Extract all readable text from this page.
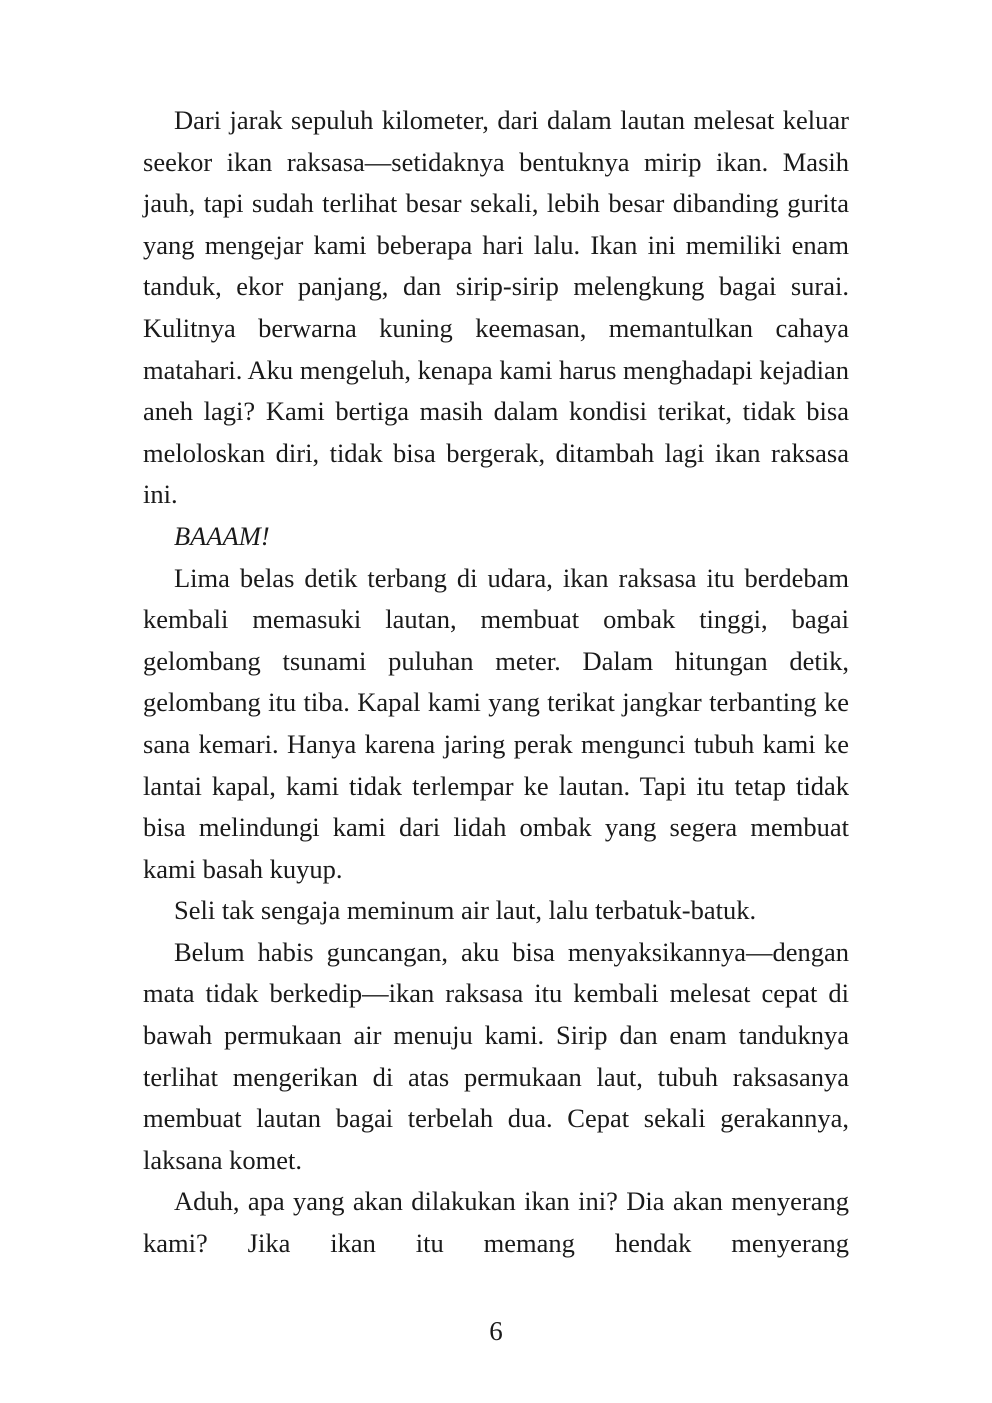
Dari jarak sepuluh kilometer, dari dalam lautan melesat keluar seekor ikan raksasa—setidaknya bentuknya mirip ikan. Masih jauh, tapi sudah terlihat besar sekali, lebih besar dibanding gurita yang mengejar kami beberapa hari lalu. Ikan ini memiliki enam tanduk, ekor panjang, dan sirip-sirip melengkung bagai surai. Kulitnya berwarna kuning keemasan, memantulkan cahaya matahari. Aku mengeluh, kenapa kami harus menghadapi kejadian aneh lagi? Kami bertiga masih dalam kondisi terikat, tidak bisa meloloskan diri, tidak bisa bergerak, ditambah lagi ikan raksasa ini.

BAAAM!

Lima belas detik terbang di udara, ikan raksasa itu berdebam kembali memasuki lautan, membuat ombak tinggi, bagai gelombang tsunami puluhan meter. Dalam hitungan detik, gelombang itu tiba. Kapal kami yang terikat jangkar terbanting ke sana kemari. Hanya karena jaring perak mengunci tubuh kami ke lantai kapal, kami tidak terlempar ke lautan. Tapi itu tetap tidak bisa melindungi kami dari lidah ombak yang segera membuat kami basah kuyup.

Seli tak sengaja meminum air laut, lalu terbatuk-batuk.

Belum habis guncangan, aku bisa menyaksikannya—dengan mata tidak berkedip—ikan raksasa itu kembali melesat cepat di bawah permukaan air menuju kami. Sirip dan enam tanduknya terlihat mengerikan di atas permukaan laut, tubuh raksasanya membuat lautan bagai terbelah dua. Cepat sekali gerakannya, laksana komet.

Aduh, apa yang akan dilakukan ikan ini? Dia akan menyerang kami? Jika ikan itu memang hendak menyerang

6
